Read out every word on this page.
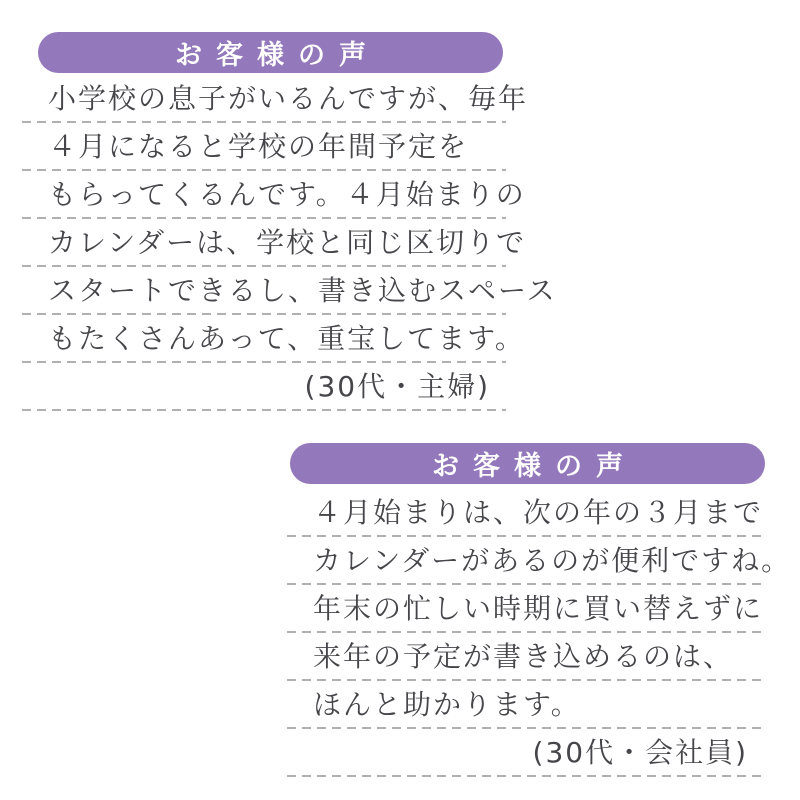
お客様の声
小学校の息子がいるんですが、毎年
４月になると学校の年間予定を
もらってくるんです。４月始まりの
カレンダーは、学校と同じ区切りで
スタートできるし、書き込むスペース
もたくさんあって、重宝してます。
(30代・主婦)
お客様の声
４月始まりは、次の年の３月まで
カレンダーがあるのが便利ですね。
年末の忙しい時期に買い替えずに
来年の予定が書き込めるのは、
ほんと助かります。
(30代・会社員)
